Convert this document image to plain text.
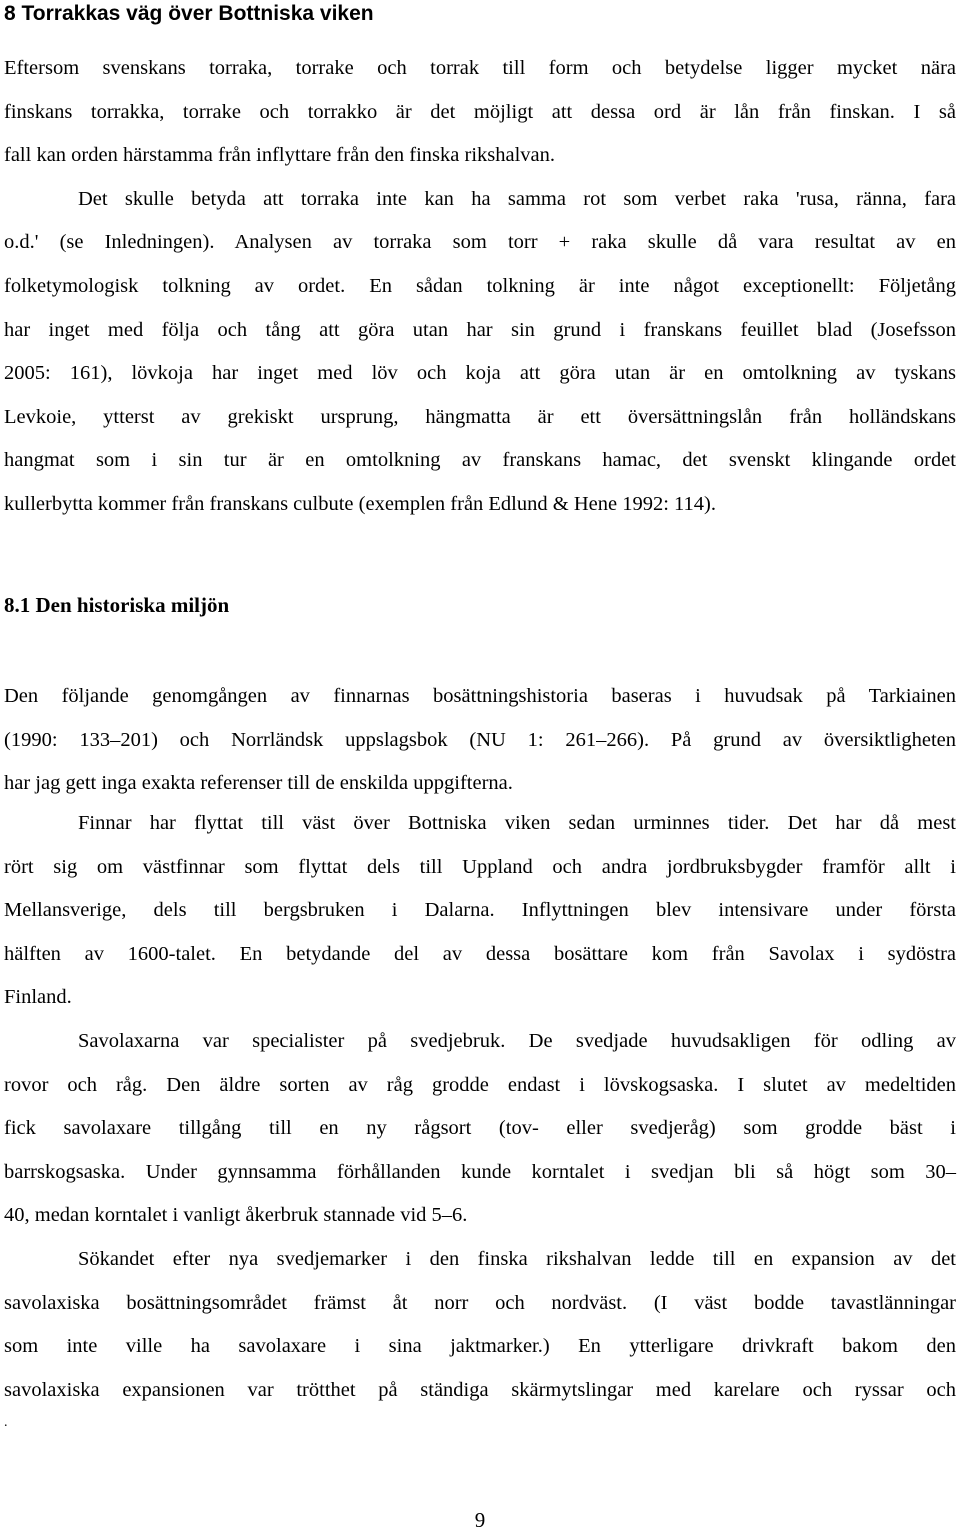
8 Torrakkas väg över Bottniska viken
Eftersom svenskans torraka, torrake och torrak till form och betydelse ligger mycket nära
finskans torrakka, torrake och torrakko är det möjligt att dessa ord är lån från finskan. I så
fall kan orden härstamma från inflyttare från den finska rikshalvan.
Det skulle betyda att torraka inte kan ha samma rot som verbet raka 'rusa, ränna, fara
o.d.' (se Inledningen). Analysen av torraka som torr + raka skulle då vara resultat av en
folketymologisk tolkning av ordet. En sådan tolkning är inte något exceptionellt: Följetång
har inget med följa och tång att göra utan har sin grund i franskans feuillet blad (Josefsson
2005: 161), lövkoja har inget med löv och koja att göra utan är en omtolkning av tyskans
Levkoie, ytterst av grekiskt ursprung, hängmatta är ett översättningslån från holländskans
hangmat som i sin tur är en omtolkning av franskans hamac, det svenskt klingande ordet
kullerbytta kommer från franskans culbute (exemplen från Edlund & Hene 1992: 114).
8.1 Den historiska miljön
Den följande genomgången av finnarnas bosättningshistoria baseras i huvudsak på Tarkiainen
(1990: 133–201) och Norrländsk uppslagsbok (NU 1: 261–266). På grund av översiktligheten
har jag gett inga exakta referenser till de enskilda uppgifterna.
Finnar har flyttat till väst över Bottniska viken sedan urminnes tider. Det har då mest
rört sig om västfinnar som flyttat dels till Uppland och andra jordbruksbygder framför allt i
Mellansverige, dels till bergsbruken i Dalarna. Inflyttningen blev intensivare under första
hälften av 1600-talet. En betydande del av dessa bosättare kom från Savolax i sydöstra
Finland.
Savolaxarna var specialister på svedjebruk. De svedjade huvudsakligen för odling av
rovor och råg. Den äldre sorten av råg grodde endast i lövskogsaska. I slutet av medeltiden
fick savolaxare tillgång till en ny rågsort (tov- eller svedjeråg) som grodde bäst i
barrskogsaska. Under gynnsamma förhållanden kunde korntalet i svedjan bli så högt som 30–
40, medan korntalet i vanligt åkerbruk stannade vid 5–6.
Sökandet efter nya svedjemarker i den finska rikshalvan ledde till en expansion av det
savolaxiska bosättningsområdet främst åt norr och nordväst. (I väst bodde tavastlänningar
som inte ville ha savolaxare i sina jaktmarker.) En ytterligare drivkraft bakom den
savolaxiska expansionen var trötthet på ständiga skärmytslingar med karelare och ryssar och
.
9
